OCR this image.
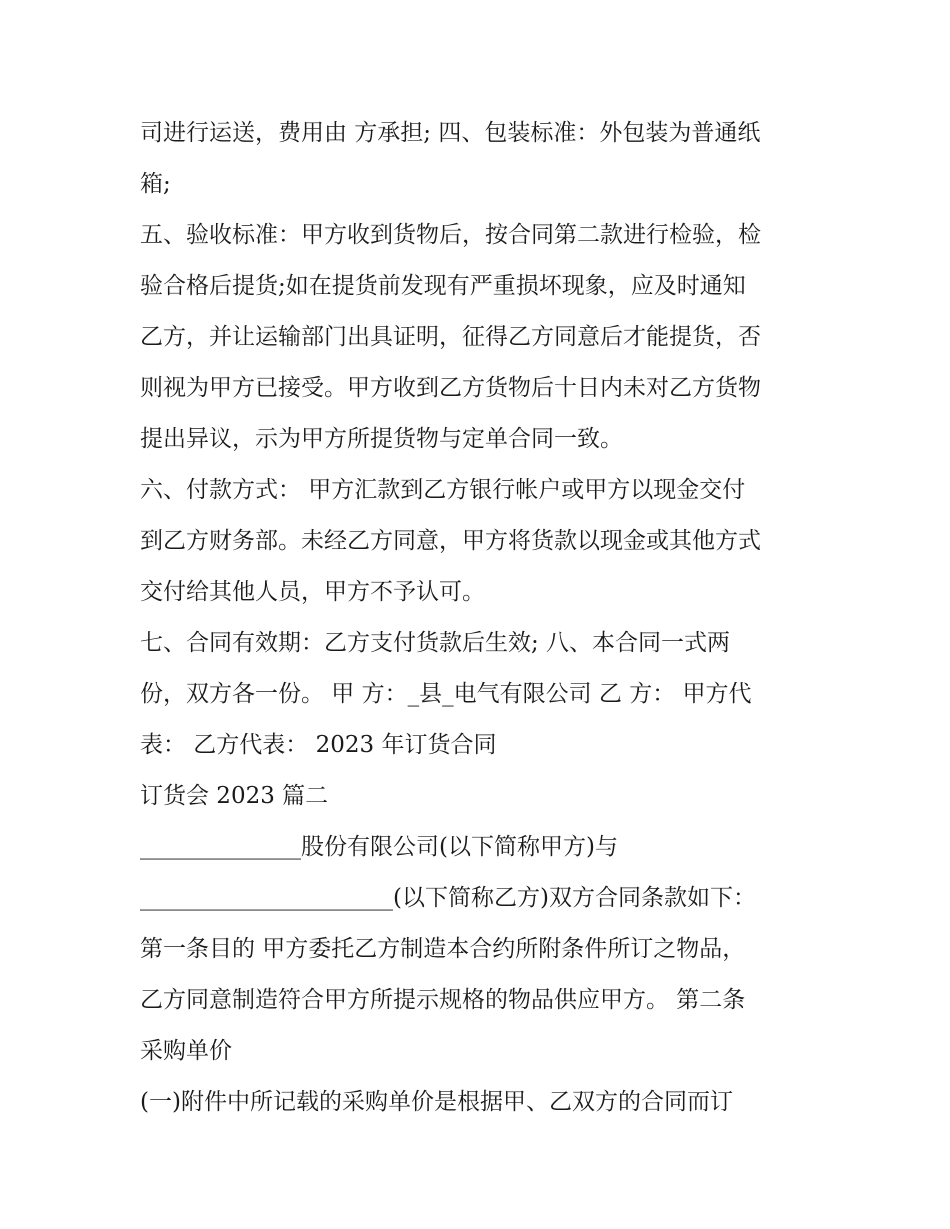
司进行运送，费用由 方承担; 四、包装标准：外包装为普通纸
箱;
五、验收标准：甲方收到货物后，按合同第二款进行检验，检
验合格后提货;如在提货前发现有严重损坏现象，应及时通知
乙方，并让运输部门出具证明，征得乙方同意后才能提货，否
则视为甲方已接受。甲方收到乙方货物后十日内未对乙方货物
提出异议，示为甲方所提货物与定单合同一致。
六、付款方式： 甲方汇款到乙方银行帐户或甲方以现金交付
到乙方财务部。未经乙方同意，甲方将货款以现金或其他方式
交付给其他人员，甲方不予认可。
七、合同有效期：乙方支付货款后生效; 八、本合同一式两
份，双方各一份。 甲 方：_县_电气有限公司 乙 方： 甲方代
表： 乙方代表： 2023 年订货合同
订货会 2023 篇二
______________股份有限公司(以下简称甲方)与
______________________(以下简称乙方)双方合同条款如下：
第一条目的 甲方委托乙方制造本合约所附条件所订之物品，
乙方同意制造符合甲方所提示规格的物品供应甲方。 第二条
采购单价
(一)附件中所记载的采购单价是根据甲、乙双方的合同而订
